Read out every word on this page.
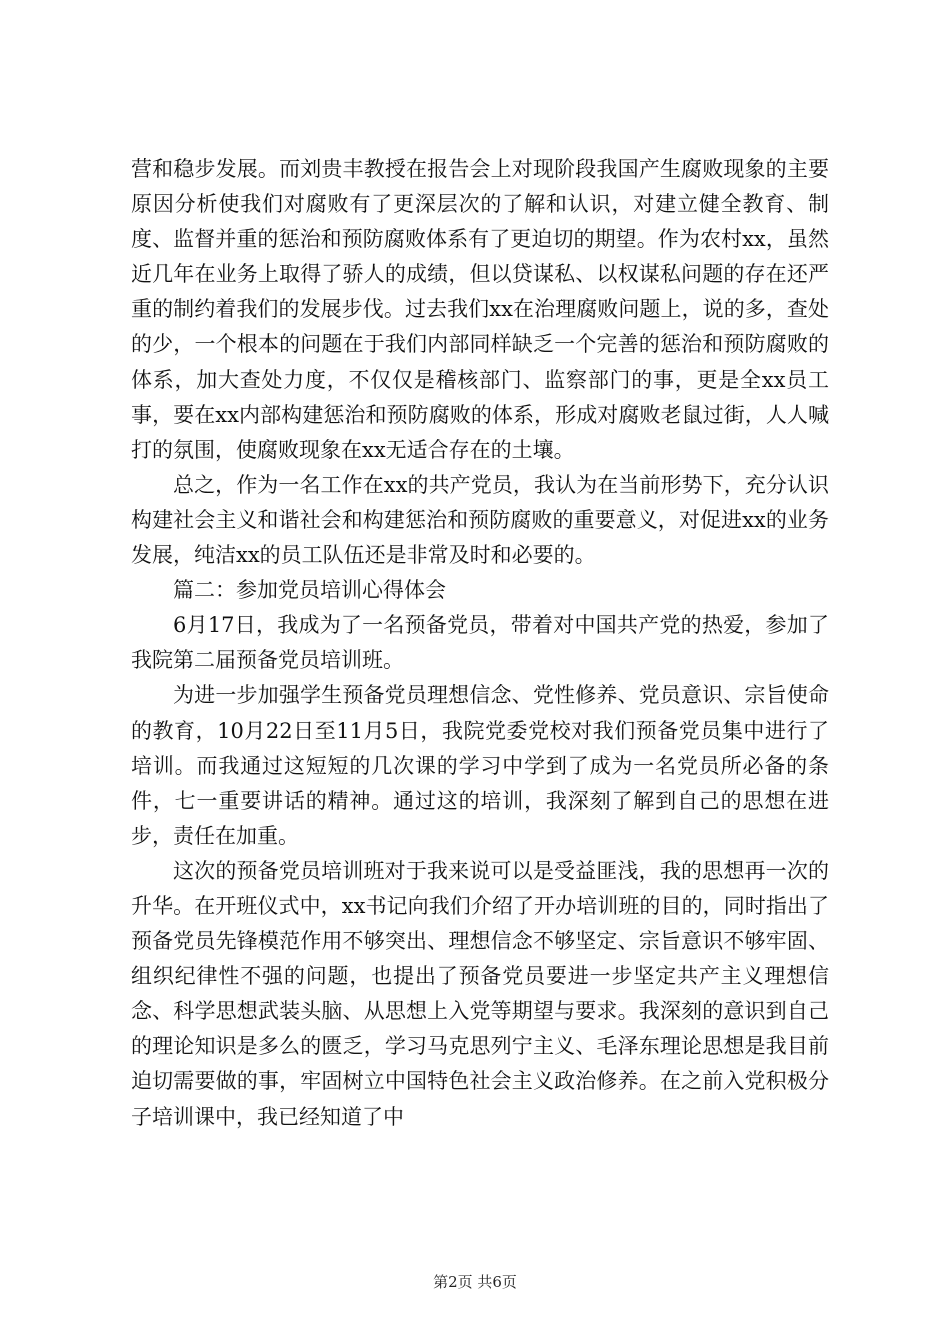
营和稳步发展。而刘贵丰教授在报告会上对现阶段我国产生腐败现象的主要原因分析使我们对腐败有了更深层次的了解和认识，对建立健全教育、制度、监督并重的惩治和预防腐败体系有了更迫切的期望。作为农村xx，虽然近几年在业务上取得了骄人的成绩，但以贷谋私、以权谋私问题的存在还严重的制约着我们的发展步伐。过去我们xx在治理腐败问题上，说的多，查处的少，一个根本的问题在于我们内部同样缺乏一个完善的惩治和预防腐败的体系，加大查处力度，不仅仅是稽核部门、监察部门的事，更是全xx员工事，要在xx内部构建惩治和预防腐败的体系，形成对腐败老鼠过街，人人喊打的氛围，使腐败现象在xx无适合存在的土壤。

总之，作为一名工作在xx的共产党员，我认为在当前形势下，充分认识构建社会主义和谐社会和构建惩治和预防腐败的重要意义，对促进xx的业务发展，纯洁xx的员工队伍还是非常及时和必要的。

篇二：参加党员培训心得体会

6月17日，我成为了一名预备党员，带着对中国共产党的热爱，参加了我院第二届预备党员培训班。

为进一步加强学生预备党员理想信念、党性修养、党员意识、宗旨使命的教育，10月22日至11月5日，我院党委党校对我们预备党员集中进行了培训。而我通过这短短的几次课的学习中学到了成为一名党员所必备的条件，七一重要讲话的精神。通过这的培训，我深刻了解到自己的思想在进步，责任在加重。

这次的预备党员培训班对于我来说可以是受益匪浅，我的思想再一次的升华。在开班仪式中，xx书记向我们介绍了开办培训班的目的，同时指出了预备党员先锋模范作用不够突出、理想信念不够坚定、宗旨意识不够牢固、组织纪律性不强的问题，也提出了预备党员要进一步坚定共产主义理想信念、科学思想武装头脑、从思想上入党等期望与要求。我深刻的意识到自己的理论知识是多么的匮乏，学习马克思列宁主义、毛泽东理论思想是我目前迫切需要做的事，牢固树立中国特色社会主义政治修养。在之前入党积极分子培训课中，我已经知道了中

第2页 共6页
